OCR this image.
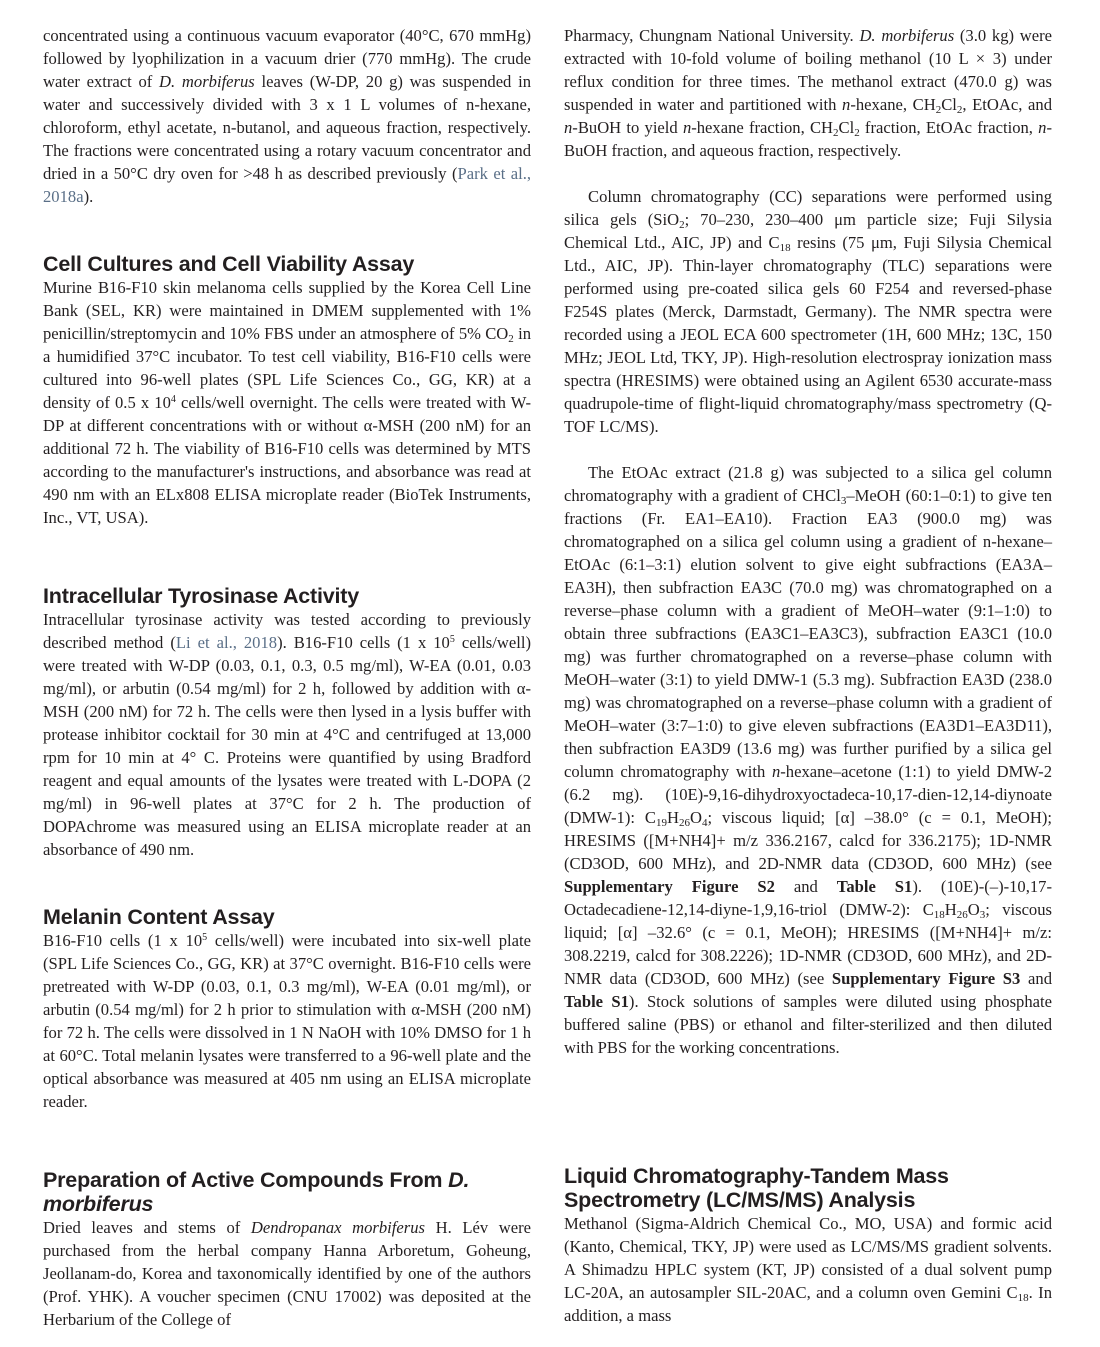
concentrated using a continuous vacuum evaporator (40°C, 670 mmHg) followed by lyophilization in a vacuum drier (770 mmHg). The crude water extract of D. morbiferus leaves (W-DP, 20 g) was suspended in water and successively divided with 3 x 1 L volumes of n-hexane, chloroform, ethyl acetate, n-butanol, and aqueous fraction, respectively. The fractions were concentrated using a rotary vacuum concentrator and dried in a 50°C dry oven for >48 h as described previously (Park et al., 2018a).

Cell Cultures and Cell Viability Assay

Murine B16-F10 skin melanoma cells supplied by the Korea Cell Line Bank (SEL, KR) were maintained in DMEM supplemented with 1% penicillin/streptomycin and 10% FBS under an atmosphere of 5% $CO_2$ in a humidified 37°C incubator. To test cell viability, B16-F10 cells were cultured into 96-well plates (SPL Life Sciences Co., GG, KR) at a density of 0.5 x $10^4$ cells/well overnight. The cells were treated with W-DP at different concentrations with or without α-MSH (200 nM) for an additional 72 h. The viability of B16-F10 cells was determined by MTS according to the manufacturer's instructions, and absorbance was read at 490 nm with an ELx808 ELISA microplate reader (BioTek Instruments, Inc., VT, USA).

Intracellular Tyrosinase Activity

Intracellular tyrosinase activity was tested according to previously described method (Li et al., 2018). B16-F10 cells (1 x $10^5$ cells/well) were treated with W-DP (0.03, 0.1, 0.3, 0.5 mg/ml), W-EA (0.01, 0.03 mg/ml), or arbutin (0.54 mg/ml) for 2 h, followed by addition with α-MSH (200 nM) for 72 h. The cells were then lysed in a lysis buffer with protease inhibitor cocktail for 30 min at 4°C and centrifuged at 13,000 rpm for 10 min at 4° C. Proteins were quantified by using Bradford reagent and equal amounts of the lysates were treated with L-DOPA (2 mg/ml) in 96-well plates at 37°C for 2 h. The production of DOPAchrome was measured using an ELISA microplate reader at an absorbance of 490 nm.

Melanin Content Assay

B16-F10 cells (1 x $10^5$ cells/well) were incubated into six-well plate (SPL Life Sciences Co., GG, KR) at 37°C overnight. B16-F10 cells were pretreated with W-DP (0.03, 0.1, 0.3 mg/ml), W-EA (0.01 mg/ml), or arbutin (0.54 mg/ml) for 2 h prior to stimulation with α-MSH (200 nM) for 72 h. The cells were dissolved in 1 N NaOH with 10% DMSO for 1 h at 60°C. Total melanin lysates were transferred to a 96-well plate and the optical absorbance was measured at 405 nm using an ELISA microplate reader.

Preparation of Active Compounds From D. morbiferus

Dried leaves and stems of Dendropanax morbiferus H. Lév were purchased from the herbal company Hanna Arboretum, Goheung, Jeollanam-do, Korea and taxonomically identified by one of the authors (Prof. YHK). A voucher specimen (CNU 17002) was deposited at the Herbarium of the College of

Pharmacy, Chungnam National University. D. morbiferus (3.0 kg) were extracted with 10-fold volume of boiling methanol (10 L × 3) under reflux condition for three times. The methanol extract (470.0 g) was suspended in water and partitioned with n-hexane, $CH_2Cl_2$, EtOAc, and n-BuOH to yield n-hexane fraction, $CH_2Cl_2$ fraction, EtOAc fraction, n-BuOH fraction, and aqueous fraction, respectively.

Column chromatography (CC) separations were performed using silica gels (SiO$_2$; 70–230, 230–400 μm particle size; Fuji Silysia Chemical Ltd., AIC, JP) and $C_{18}$ resins (75 μm, Fuji Silysia Chemical Ltd., AIC, JP). Thin-layer chromatography (TLC) separations were performed using pre-coated silica gels 60 F254 and reversed-phase F254S plates (Merck, Darmstadt, Germany). The NMR spectra were recorded using a JEOL ECA 600 spectrometer (1H, 600 MHz; 13C, 150 MHz; JEOL Ltd, TKY, JP). High-resolution electrospray ionization mass spectra (HRESIMS) were obtained using an Agilent 6530 accurate-mass quadrupole-time of flight-liquid chromatography/mass spectrometry (Q-TOF LC/MS).

The EtOAc extract (21.8 g) was subjected to a silica gel column chromatography with a gradient of CHCl$_3$–MeOH (60:1–0:1) to give ten fractions (Fr. EA1–EA10). Fraction EA3 (900.0 mg) was chromatographed on a silica gel column using a gradient of n-hexane–EtOAc (6:1–3:1) elution solvent to give eight subfractions (EA3A–EA3H), then subfraction EA3C (70.0 mg) was chromatographed on a reverse–phase column with a gradient of MeOH–water (9:1–1:0) to obtain three subfractions (EA3C1–EA3C3), subfraction EA3C1 (10.0 mg) was further chromatographed on a reverse–phase column with MeOH–water (3:1) to yield DMW-1 (5.3 mg). Subfraction EA3D (238.0 mg) was chromatographed on a reverse–phase column with a gradient of MeOH–water (3:7–1:0) to give eleven subfractions (EA3D1–EA3D11), then subfraction EA3D9 (13.6 mg) was further purified by a silica gel column chromatography with n-hexane–acetone (1:1) to yield DMW-2 (6.2 mg). (10E)-9,16-dihydroxyoctadeca-10,17-dien-12,14-diynoate (DMW-1): $C_{19}H_{26}O_4$; viscous liquid; [α] –38.0° (c = 0.1, MeOH); HRESIMS ([M+NH4]+ m/z 336.2167, calcd for 336.2175); 1D-NMR (CD3OD, 600 MHz), and 2D-NMR data (CD3OD, 600 MHz) (see Supplementary Figure S2 and Table S1). (10E)-(–)-10,17-Octadecadiene-12,14-diyne-1,9,16-triol (DMW-2): $C_{18}H_{26}O_3$; viscous liquid; [α] –32.6° (c = 0.1, MeOH); HRESIMS ([M+NH4]+ m/z: 308.2219, calcd for 308.2226); 1D-NMR (CD3OD, 600 MHz), and 2D-NMR data (CD3OD, 600 MHz) (see Supplementary Figure S3 and Table S1). Stock solutions of samples were diluted using phosphate buffered saline (PBS) or ethanol and filter-sterilized and then diluted with PBS for the working concentrations.

Liquid Chromatography-Tandem Mass Spectrometry (LC/MS/MS) Analysis

Methanol (Sigma-Aldrich Chemical Co., MO, USA) and formic acid (Kanto, Chemical, TKY, JP) were used as LC/MS/MS gradient solvents. A Shimadzu HPLC system (KT, JP) consisted of a dual solvent pump LC-20A, an autosampler SIL-20AC, and a column oven Gemini $C_{18}$. In addition, a mass
